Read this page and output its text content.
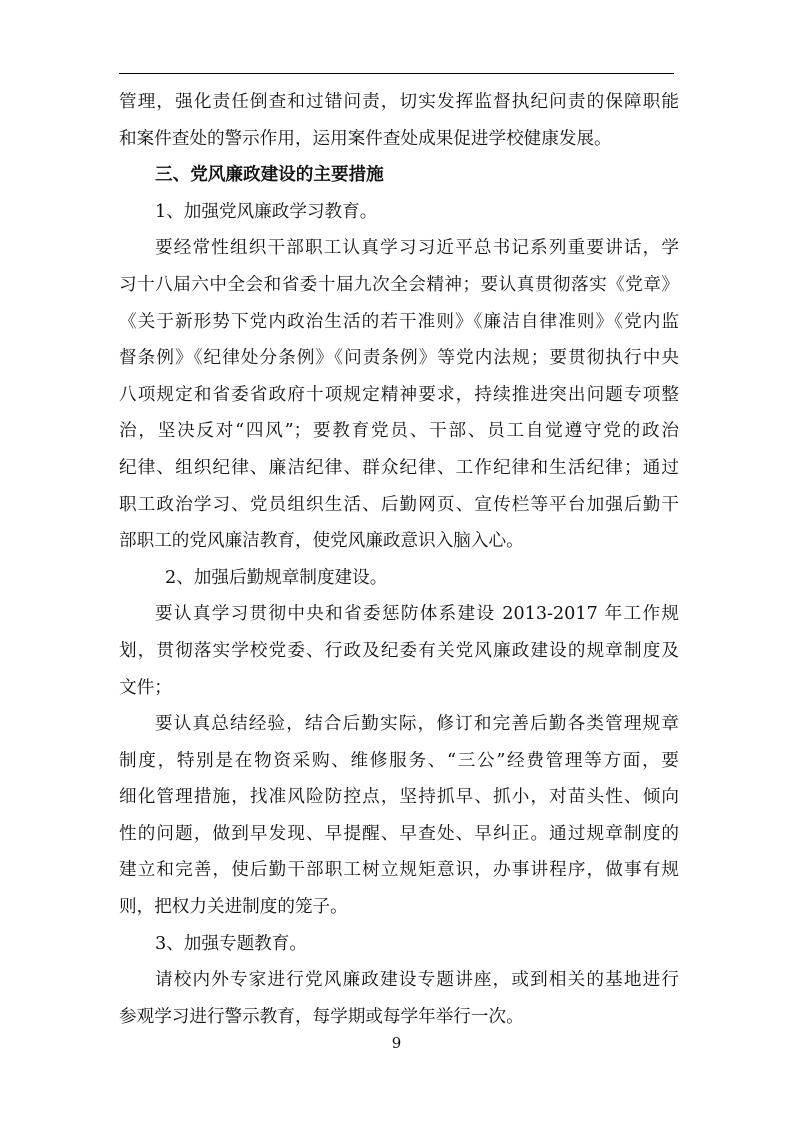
管理，强化责任倒查和过错问责，切实发挥监督执纪问责的保障职能
和案件查处的警示作用，运用案件查处成果促进学校健康发展。
三、党风廉政建设的主要措施
1、加强党风廉政学习教育。
要经常性组织干部职工认真学习习近平总书记系列重要讲话，学
习十八届六中全会和省委十届九次全会精神；要认真贯彻落实《党章》
《关于新形势下党内政治生活的若干准则》《廉洁自律准则》《党内监
督条例》《纪律处分条例》《问责条例》等党内法规；要贯彻执行中央
八项规定和省委省政府十项规定精神要求，持续推进突出问题专项整
治，坚决反对“四风”；要教育党员、干部、员工自觉遵守党的政治
纪律、组织纪律、廉洁纪律、群众纪律、工作纪律和生活纪律；通过
职工政治学习、党员组织生活、后勤网页、宣传栏等平台加强后勤干
部职工的党风廉洁教育，使党风廉政意识入脑入心。
2、加强后勤规章制度建设。
要认真学习贯彻中央和省委惩防体系建设 2013-2017 年工作规
划，贯彻落实学校党委、行政及纪委有关党风廉政建设的规章制度及
文件；
要认真总结经验，结合后勤实际，修订和完善后勤各类管理规章
制度，特别是在物资采购、维修服务、“三公”经费管理等方面，要
细化管理措施，找准风险防控点，坚持抓早、抓小，对苗头性、倾向
性的问题，做到早发现、早提醒、早查处、早纠正。通过规章制度的
建立和完善，使后勤干部职工树立规矩意识，办事讲程序，做事有规
则，把权力关进制度的笼子。
3、加强专题教育。
请校内外专家进行党风廉政建设专题讲座，或到相关的基地进行
参观学习进行警示教育，每学期或每学年举行一次。
9
